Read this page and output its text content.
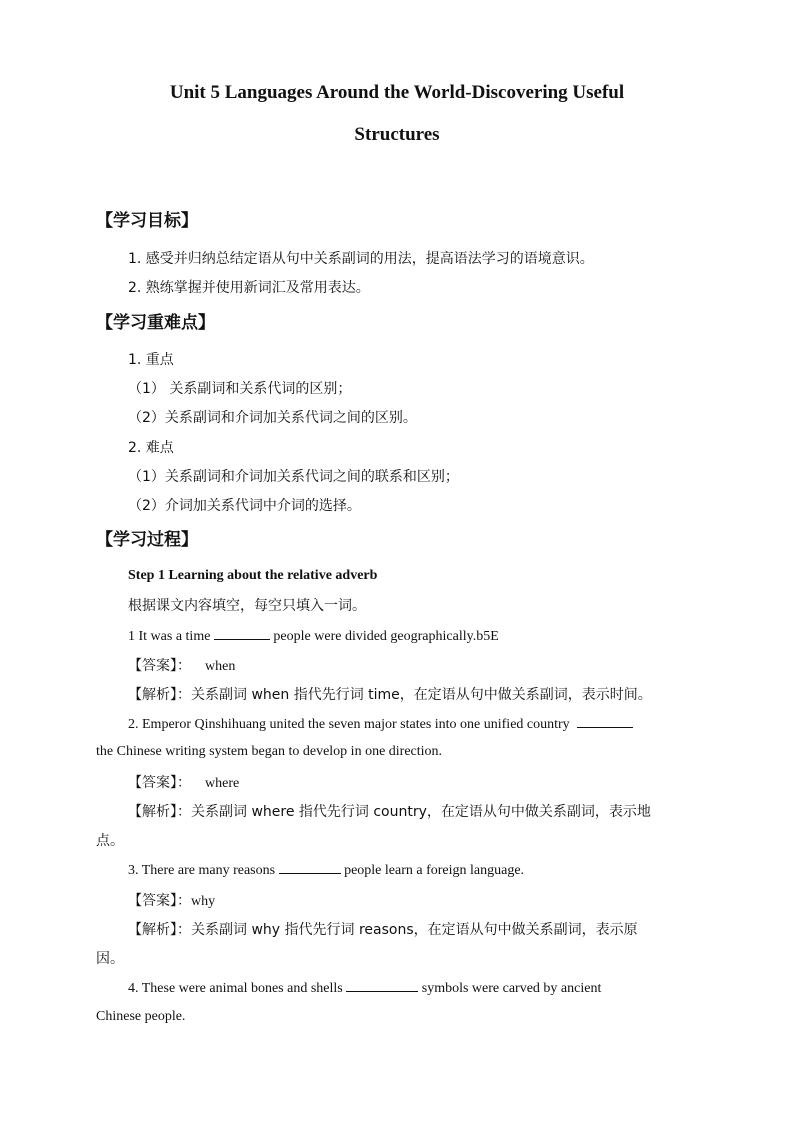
Unit 5 Languages Around the World-Discovering Useful
Structures
【学习目标】
1. 感受并归纳总结定语从句中关系副词的用法，提高语法学习的语境意识。
2. 熟练掌握并使用新词汇及常用表达。
【学习重难点】
1. 重点
（1） 关系副词和关系代词的区别；
（2）关系副词和介词加关系代词之间的区别。
2. 难点
（1）关系副词和介词加关系代词之间的联系和区别；
（2）介词加关系代词中介词的选择。
【学习过程】
Step 1 Learning about the relative adverb
根据课文内容填空，每空只填入一词。
1 It was a time	people were divided geographically.b5E
【答案】： when
【解析】：关系副词 when 指代先行词 time，在定语从句中做关系副词，表示时间。
2. Emperor Qinshihuang united the seven major states into one unified country
the Chinese writing system began to develop in one direction.
【答案】： where
【解析】：关系副词 where 指代先行词 country，在定语从句中做关系副词，表示地
点。
3. There are many reasons	people learn a foreign language.
【答案】：why
【解析】：关系副词 why 指代先行词 reasons，在定语从句中做关系副词，表示原
因。
4. These were animal bones and shells	symbols were carved by ancient
Chinese people.
